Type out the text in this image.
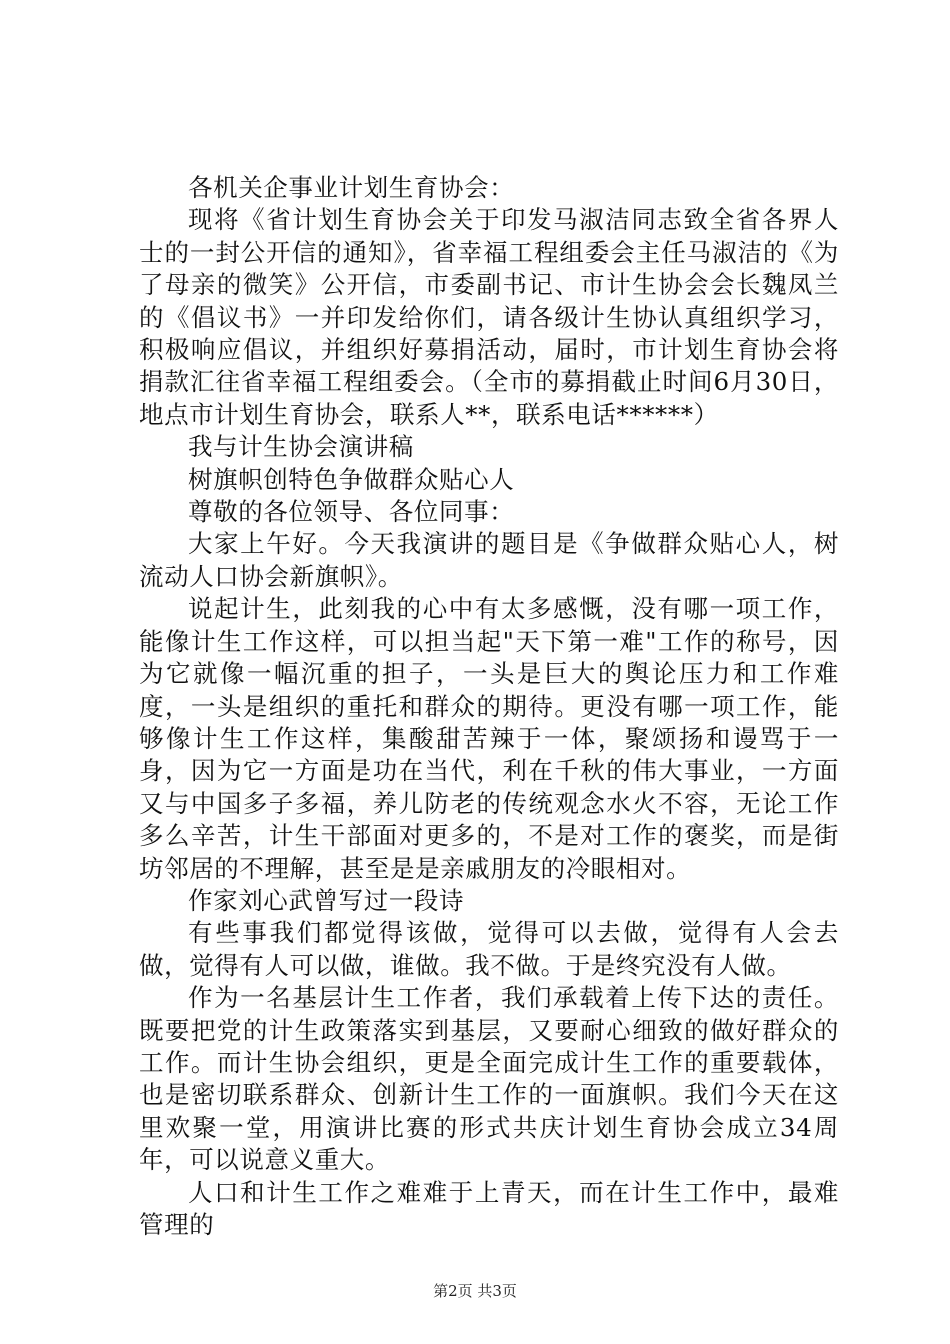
各机关企事业计划生育协会：

现将《省计划生育协会关于印发马淑洁同志致全省各界人士的一封公开信的通知》，省幸福工程组委会主任马淑洁的《为了母亲的微笑》公开信，市委副书记、市计生协会会长魏凤兰的《倡议书》一并印发给你们，请各级计生协认真组织学习，积极响应倡议，并组织好募捐活动，届时，市计划生育协会将捐款汇往省幸福工程组委会。（全市的募捐截止时间6月30日，地点市计划生育协会，联系人**，联系电话******）

我与计生协会演讲稿

树旗帜创特色争做群众贴心人

尊敬的各位领导、各位同事：

大家上午好。今天我演讲的题目是《争做群众贴心人，树流动人口协会新旗帜》。

说起计生，此刻我的心中有太多感慨，没有哪一项工作，能像计生工作这样，可以担当起"天下第一难"工作的称号，因为它就像一幅沉重的担子，一头是巨大的舆论压力和工作难度，一头是组织的重托和群众的期待。更没有哪一项工作，能够像计生工作这样，集酸甜苦辣于一体，聚颂扬和谩骂于一身，因为它一方面是功在当代，利在千秋的伟大事业，一方面又与中国多子多福，养儿防老的传统观念水火不容，无论工作多么辛苦，计生干部面对更多的，不是对工作的褒奖，而是街坊邻居的不理解，甚至是是亲戚朋友的冷眼相对。

作家刘心武曾写过一段诗

有些事我们都觉得该做，觉得可以去做，觉得有人会去做，觉得有人可以做，谁做。我不做。于是终究没有人做。

作为一名基层计生工作者，我们承载着上传下达的责任。既要把党的计生政策落实到基层，又要耐心细致的做好群众的工作。而计生协会组织，更是全面完成计生工作的重要载体，也是密切联系群众、创新计生工作的一面旗帜。我们今天在这里欢聚一堂，用演讲比赛的形式共庆计划生育协会成立34周年，可以说意义重大。

人口和计生工作之难难于上青天，而在计生工作中，最难管理的

第2页 共3页
